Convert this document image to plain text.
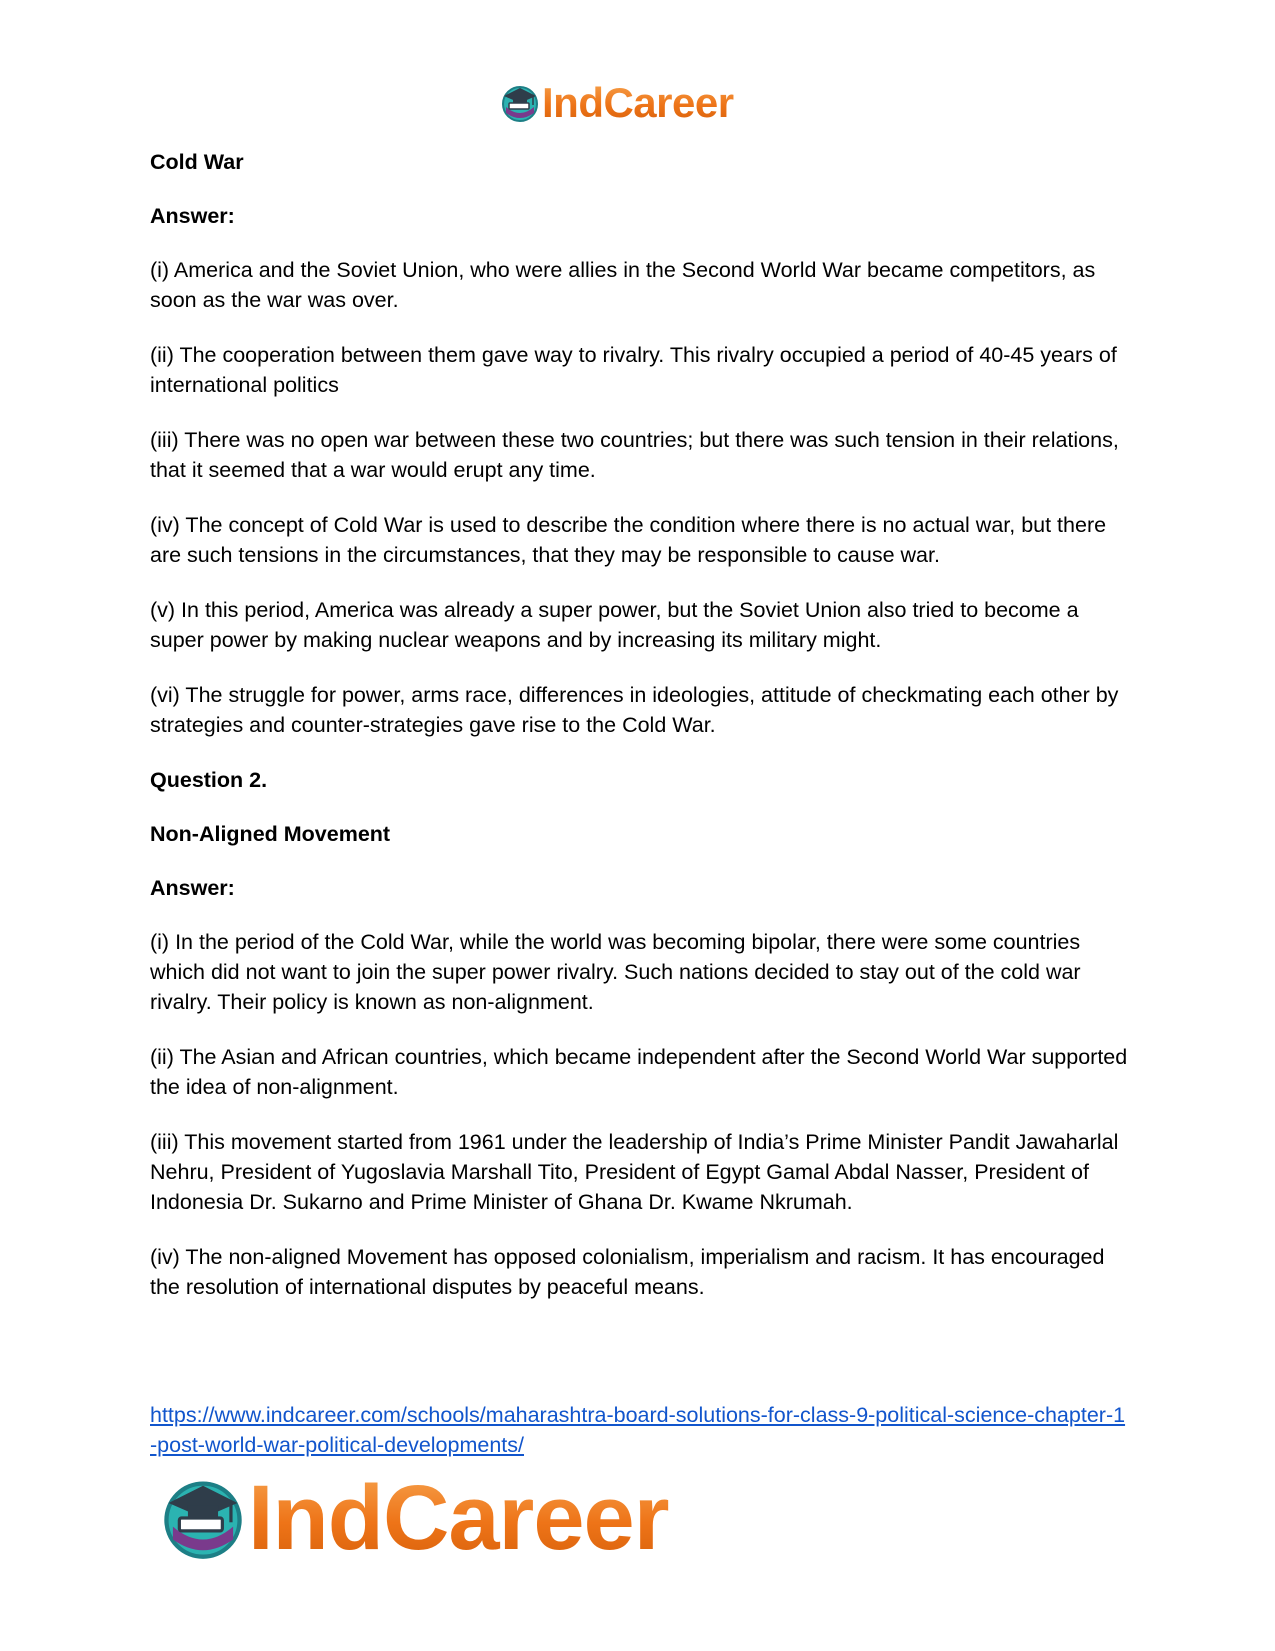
IndCareer

Cold War

Answer:

(i) America and the Soviet Union, who were allies in the Second World War became competitors, as soon as the war was over.

(ii) The cooperation between them gave way to rivalry. This rivalry occupied a period of 40-45 years of international politics

(iii) There was no open war between these two countries; but there was such tension in their relations, that it seemed that a war would erupt any time.

(iv) The concept of Cold War is used to describe the condition where there is no actual war, but there are such tensions in the circumstances, that they may be responsible to cause war.

(v) In this period, America was already a super power, but the Soviet Union also tried to become a super power by making nuclear weapons and by increasing its military might.

(vi) The struggle for power, arms race, differences in ideologies, attitude of checkmating each other by strategies and counter-strategies gave rise to the Cold War.

Question 2.

Non-Aligned Movement

Answer:

(i) In the period of the Cold War, while the world was becoming bipolar, there were some countries which did not want to join the super power rivalry. Such nations decided to stay out of the cold war rivalry. Their policy is known as non-alignment.

(ii) The Asian and African countries, which became independent after the Second World War supported the idea of non-alignment.

(iii) This movement started from 1961 under the leadership of India’s Prime Minister Pandit Jawaharlal Nehru, President of Yugoslavia Marshall Tito, President of Egypt Gamal Abdal Nasser, President of Indonesia Dr. Sukarno and Prime Minister of Ghana Dr. Kwame Nkrumah.

(iv) The non-aligned Movement has opposed colonialism, imperialism and racism. It has encouraged the resolution of international disputes by peaceful means.

https://www.indcareer.com/schools/maharashtra-board-solutions-for-class-9-political-science-chapter-1-post-world-war-political-developments/
IndCareer
